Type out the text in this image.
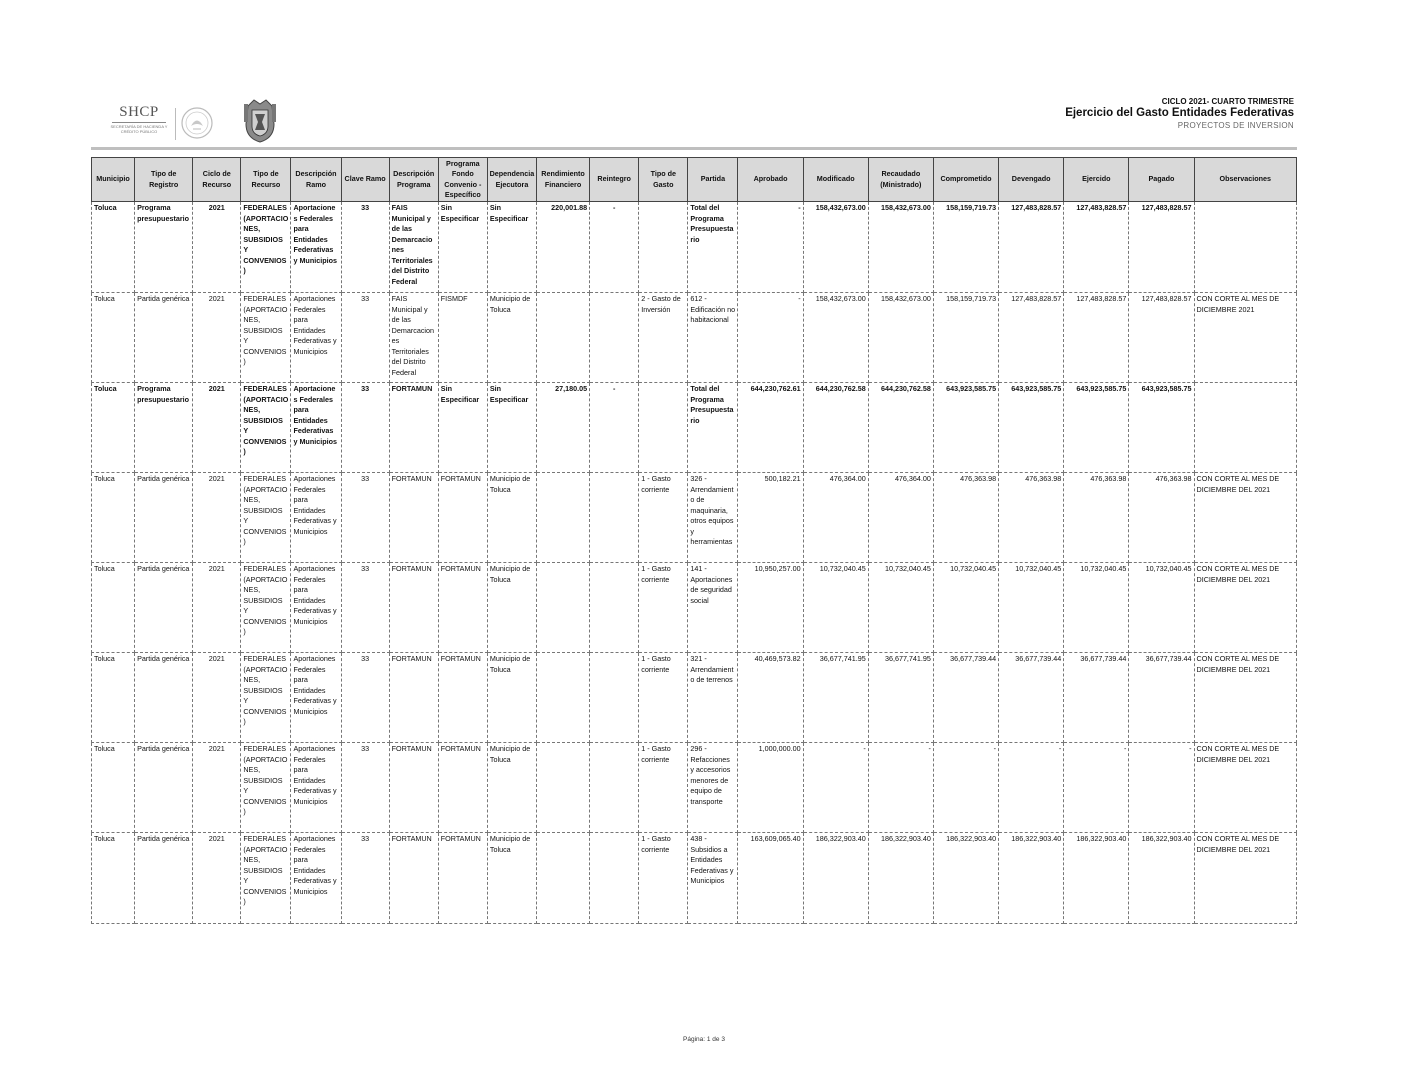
SHCP
SECRETARÍA DE HACIENDA Y CRÉDITO PÚBLICO
CICLO 2021- CUARTO TRIMESTRE
Ejercicio del Gasto Entidades Federativas
PROYECTOS DE INVERSION
Municipio	Tipo de Registro	Ciclo de Recurso	Tipo de Recurso	Descripción Ramo	Clave Ramo	Descripción Programa	Programa Fondo Convenio - Específico	Dependencia Ejecutora	Rendimiento Financiero	Reintegro	Tipo de Gasto	Partida	Aprobado	Modificado	Recaudado (Ministrado)	Comprometido	Devengado	Ejercido	Pagado	Observaciones
Toluca	Programa presupuestario	2021	FEDERALES (APORTACIONES, SUBSIDIOS Y CONVENIOS)	Aportaciones Federales para Entidades Federativas y Municipios	33	FAIS Municipal y de las Demarcaciones Territoriales del Distrito Federal	Sin Especificar	Sin Especificar	220,001.88	-		Total del Programa Presupuestario	-	158,432,673.00	158,432,673.00	158,159,719.73	127,483,828.57	127,483,828.57	127,483,828.57	
Toluca	Partida genérica	2021	FEDERALES (APORTACIONES, SUBSIDIOS Y CONVENIOS)	Aportaciones Federales para Entidades Federativas y Municipios	33	FAIS Municipal y de las Demarcaciones Territoriales del Distrito Federal	FISMDF	Municipio de Toluca			2 - Gasto de Inversión	612 - Edificación no habitacional	-	158,432,673.00	158,432,673.00	158,159,719.73	127,483,828.57	127,483,828.57	127,483,828.57	CON CORTE AL MES DE DICIEMBRE 2021
Toluca	Programa presupuestario	2021	FEDERALES (APORTACIONES, SUBSIDIOS Y CONVENIOS)	Aportaciones Federales para Entidades Federativas y Municipios	33	FORTAMUN	Sin Especificar	Sin Especificar	27,180.05	-		Total del Programa Presupuestario	644,230,762.61	644,230,762.58	644,230,762.58	643,923,585.75	643,923,585.75	643,923,585.75	643,923,585.75	
Toluca	Partida genérica	2021	FEDERALES (APORTACIONES, SUBSIDIOS Y CONVENIOS)	Aportaciones Federales para Entidades Federativas y Municipios	33	FORTAMUN	FORTAMUN	Municipio de Toluca			1 - Gasto corriente	326 - Arrendamiento de maquinaria, otros equipos y herramientas	500,182.21	476,364.00	476,364.00	476,363.98	476,363.98	476,363.98	476,363.98	CON CORTE AL MES DE DICIEMBRE DEL 2021
Toluca	Partida genérica	2021	FEDERALES (APORTACIONES, SUBSIDIOS Y CONVENIOS)	Aportaciones Federales para Entidades Federativas y Municipios	33	FORTAMUN	FORTAMUN	Municipio de Toluca			1 - Gasto corriente	141 - Aportaciones de seguridad social	10,950,257.00	10,732,040.45	10,732,040.45	10,732,040.45	10,732,040.45	10,732,040.45	10,732,040.45	CON CORTE AL MES DE DICIEMBRE DEL 2021
Toluca	Partida genérica	2021	FEDERALES (APORTACIONES, SUBSIDIOS Y CONVENIOS)	Aportaciones Federales para Entidades Federativas y Municipios	33	FORTAMUN	FORTAMUN	Municipio de Toluca			1 - Gasto corriente	321 - Arrendamiento de terrenos	40,469,573.82	36,677,741.95	36,677,741.95	36,677,739.44	36,677,739.44	36,677,739.44	36,677,739.44	CON CORTE AL MES DE DICIEMBRE DEL 2021
Toluca	Partida genérica	2021	FEDERALES (APORTACIONES, SUBSIDIOS Y CONVENIOS)	Aportaciones Federales para Entidades Federativas y Municipios	33	FORTAMUN	FORTAMUN	Municipio de Toluca			1 - Gasto corriente	296 - Refacciones y accesorios menores de equipo de transporte	1,000,000.00	-	-	-	-	-	-	CON CORTE AL MES DE DICIEMBRE DEL 2021
Toluca	Partida genérica	2021	FEDERALES (APORTACIONES, SUBSIDIOS Y CONVENIOS)	Aportaciones Federales para Entidades Federativas y Municipios	33	FORTAMUN	FORTAMUN	Municipio de Toluca			1 - Gasto corriente	438 - Subsidios a Entidades Federativas y Municipios	163,609,065.40	186,322,903.40	186,322,903.40	186,322,903.40	186,322,903.40	186,322,903.40	186,322,903.40	CON CORTE AL MES DE DICIEMBRE DEL 2021
Página: 1 de 3
